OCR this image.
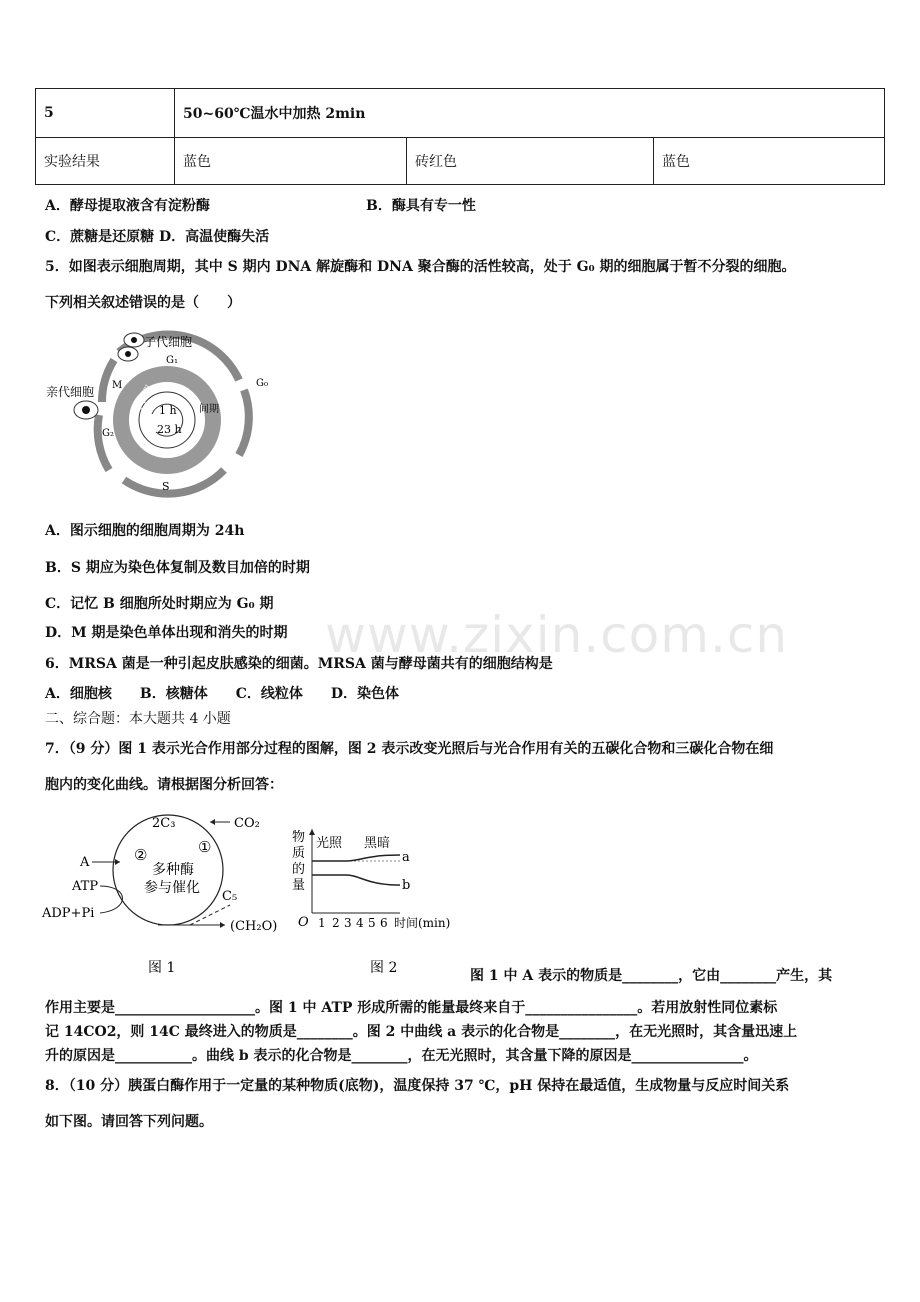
5	50~60℃温水中加热 2min		
实验结果	蓝色	砖红色	蓝色
A．酵母提取液含有淀粉酶	B．酶具有专一性
C．蔗糖是还原糖 D．高温使酶失活
5．如图表示细胞周期，其中 S 期内 DNA 解旋酶和 DNA 聚合酶的活性较高，处于 G₀ 期的细胞属于暂不分裂的细胞。
下列相关叙述错误的是（　　）
子代细胞
亲代细胞
G₁
G₀
G₂
M
S
分裂期	间期
1 h
23 h
A．图示细胞的细胞周期为 24h
B．S 期应为染色体复制及数目加倍的时期
C．记忆 B 细胞所处时期应为 G₀ 期
D．M 期是染色单体出现和消失的时期 www.zixin.com.cn
6．MRSA 菌是一种引起皮肤感染的细菌。MRSA 菌与酵母菌共有的细胞结构是
A．细胞核　　B．核糖体　　C．线粒体　　D．染色体
二、综合题：本大题共 4 小题
7．（9 分）图 1 表示光合作用部分过程的图解，图 2 表示改变光照后与光合作用有关的五碳化合物和三碳化合物在细
胞内的变化曲线。请根据图分析回答：
2C₃	CO₂
A
ATP
ADP+Pi
C₅
(CH₂O)
②	①
多种酶
参与催化
图 1
物
质
的
量
光照 黑暗
a
b
O 1 2 3 4 5 6 时间(min)
图 2	图 1 中 A 表示的物质是________，它由________产生，其
作用主要是____________________。图 1 中 ATP 形成所需的能量最终来自于________________。若用放射性同位素标
记 14CO2，则 14C 最终进入的物质是________。图 2 中曲线 a 表示的化合物是________，在无光照时，其含量迅速上
升的原因是___________。曲线 b 表示的化合物是________，在无光照时，其含量下降的原因是________________。
8．（10 分）胰蛋白酶作用于一定量的某种物质(底物)，温度保持 37 ℃，pH 保持在最适值，生成物量与反应时间关系
如下图。请回答下列问题。
